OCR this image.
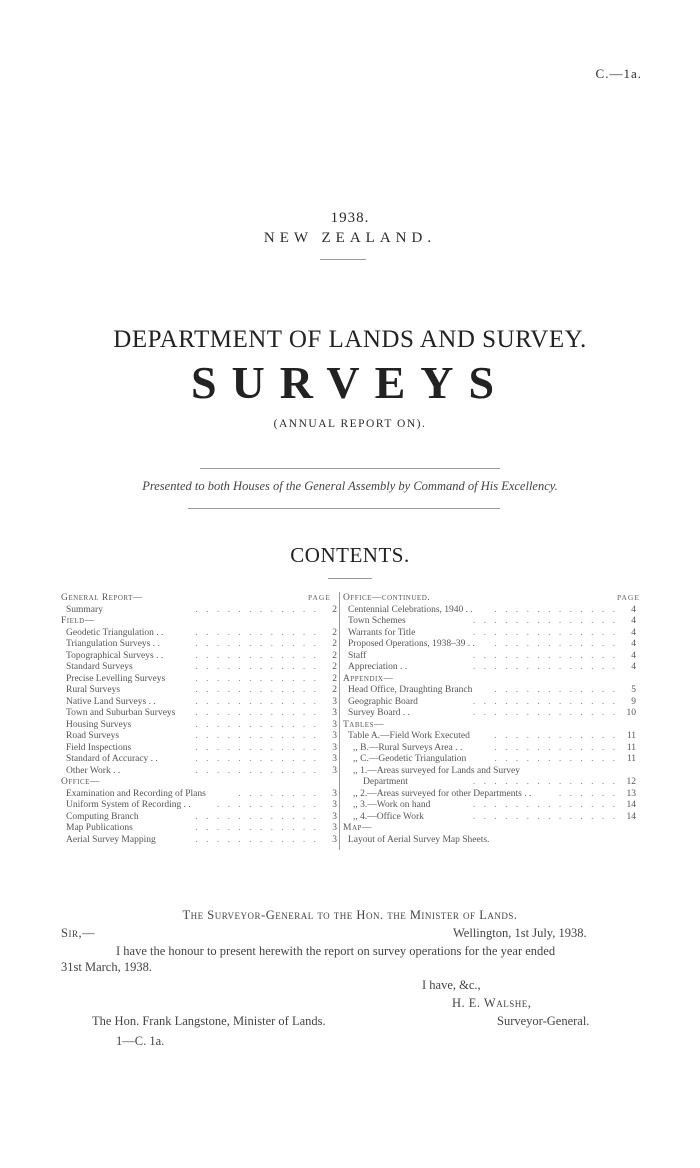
C.—1a.
1938.
NEW ZEALAND.
DEPARTMENT OF LANDS AND SURVEY.
SURVEYS
(ANNUAL REPORT ON).
Presented to both Houses of the General Assembly by Command of His Excellency.
CONTENTS.
PAGE	PAGE
General Report—
Summary	. . . . . . . . . . . .	2
Field—
Geodetic Triangulation . .	. . . . . . . . . . . .	2
Triangulation Surveys . .	. . . . . . . . . . . .	2
Topographical Surveys . .	. . . . . . . . . . . .	2
Standard Surveys	. . . . . . . . . . . .	2
Precise Levelling Surveys	. . . . . . . . . . . .	2
Rural Surveys	. . . . . . . . . . . .	2
Native Land Surveys . .	. . . . . . . . . . . .	3
Town and Suburban Surveys	. . . . . . . . . . . .	3
Housing Surveys	. . . . . . . . . . . .	3
Road Surveys	. . . . . . . . . . . .	3
Field Inspections	. . . . . . . . . . . .	3
Standard of Accuracy . .	. . . . . . . . . . . .	3
Other Work . .	. . . . . . . . . . . .	3
Office—
Examination and Recording of Plans	. . . . . . . .	3
Uniform System of Recording . .	. . . . . . . . . .	3
Computing Branch	. . . . . . . . . . . .	3
Map Publications	. . . . . . . . . . . .	3
Aerial Survey Mapping	. . . . . . . . . . . .	3
Office—continued.
Centennial Celebrations, 1940 . .	. . . . . . . . . . . .	4
Town Schemes	. . . . . . . . . . . . . .	4
Warrants for Title	. . . . . . . . . . . . . .	4
Proposed Operations, 1938–39 . .	. . . . . . . . . . . .	4
Staff	. . . . . . . . . . . . . .	4
Appreciation . .	. . . . . . . . . . . . . .	4
Appendix—
Head Office, Draughting Branch	. . . . . . . . . . . .	5
Geographic Board	. . . . . . . . . . . . . .	9
Survey Board . .	. . . . . . . . . . . . . . 10
Tables—
Table A.—Field Work Executed	. . . . . . . . . . . . 11
,, B.—Rural Surveys Area . .	. . . . . . . . . . . . 11
,, C.—Geodetic Triangulation	. . . . . . . . . . . . 11
,, 1.—Areas surveyed for Lands and Survey
Department	. . . . . . . . . . . . . . 12
,, 2.—Areas surveyed for other Departments . .	. . . . . . 13
,, 3.—Work on hand	. . . . . . . . . . . . . . 14
,, 4.—Office Work	. . . . . . . . . . . . . . 14
Map—
Layout of Aerial Survey Map Sheets.
The Surveyor-General to the Hon. the Minister of Lands.
Sir,—	Wellington, 1st July, 1938.
I have the honour to present herewith the report on survey operations for the year ended
31st March, 1938.
I have, &c.,
H. E. Walshe,
The Hon. Frank Langstone, Minister of Lands.	Surveyor-General.
1—C. 1a.
